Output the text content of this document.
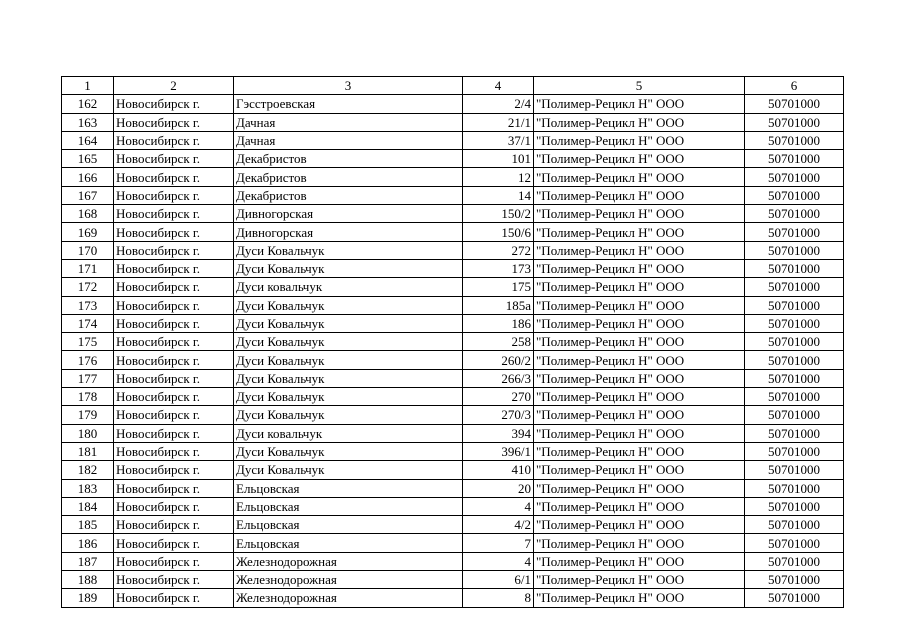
1	2	3	4	5	6
162	Новосибирск г.	Гэсстроевская	2/4	"Полимер-Рецикл Н" ООО	50701000
163	Новосибирск г.	Дачная	21/1	"Полимер-Рецикл Н" ООО	50701000
164	Новосибирск г.	Дачная	37/1	"Полимер-Рецикл Н" ООО	50701000
165	Новосибирск г.	Декабристов	101	"Полимер-Рецикл Н" ООО	50701000
166	Новосибирск г.	Декабристов	12	"Полимер-Рецикл Н" ООО	50701000
167	Новосибирск г.	Декабристов	14	"Полимер-Рецикл Н" ООО	50701000
168	Новосибирск г.	Дивногорская	150/2	"Полимер-Рецикл Н" ООО	50701000
169	Новосибирск г.	Дивногорская	150/6	"Полимер-Рецикл Н" ООО	50701000
170	Новосибирск г.	Дуси Ковальчук	272	"Полимер-Рецикл Н" ООО	50701000
171	Новосибирск г.	Дуси Ковальчук	173	"Полимер-Рецикл Н" ООО	50701000
172	Новосибирск г.	Дуси ковальчук	175	"Полимер-Рецикл Н" ООО	50701000
173	Новосибирск г.	Дуси Ковальчук	185а	"Полимер-Рецикл Н" ООО	50701000
174	Новосибирск г.	Дуси Ковальчук	186	"Полимер-Рецикл Н" ООО	50701000
175	Новосибирск г.	Дуси Ковальчук	258	"Полимер-Рецикл Н" ООО	50701000
176	Новосибирск г.	Дуси Ковальчук	260/2	"Полимер-Рецикл Н" ООО	50701000
177	Новосибирск г.	Дуси Ковальчук	266/3	"Полимер-Рецикл Н" ООО	50701000
178	Новосибирск г.	Дуси Ковальчук	270	"Полимер-Рецикл Н" ООО	50701000
179	Новосибирск г.	Дуси Ковальчук	270/3	"Полимер-Рецикл Н" ООО	50701000
180	Новосибирск г.	Дуси ковальчук	394	"Полимер-Рецикл Н" ООО	50701000
181	Новосибирск г.	Дуси Ковальчук	396/1	"Полимер-Рецикл Н" ООО	50701000
182	Новосибирск г.	Дуси Ковальчук	410	"Полимер-Рецикл Н" ООО	50701000
183	Новосибирск г.	Ельцовская	20	"Полимер-Рецикл Н" ООО	50701000
184	Новосибирск г.	Ельцовская	4	"Полимер-Рецикл Н" ООО	50701000
185	Новосибирск г.	Ельцовская	4/2	"Полимер-Рецикл Н" ООО	50701000
186	Новосибирск г.	Ельцовская	7	"Полимер-Рецикл Н" ООО	50701000
187	Новосибирск г.	Железнодорожная	4	"Полимер-Рецикл Н" ООО	50701000
188	Новосибирск г.	Железнодорожная	6/1	"Полимер-Рецикл Н" ООО	50701000
189	Новосибирск г.	Железнодорожная	8	"Полимер-Рецикл Н" ООО	50701000
